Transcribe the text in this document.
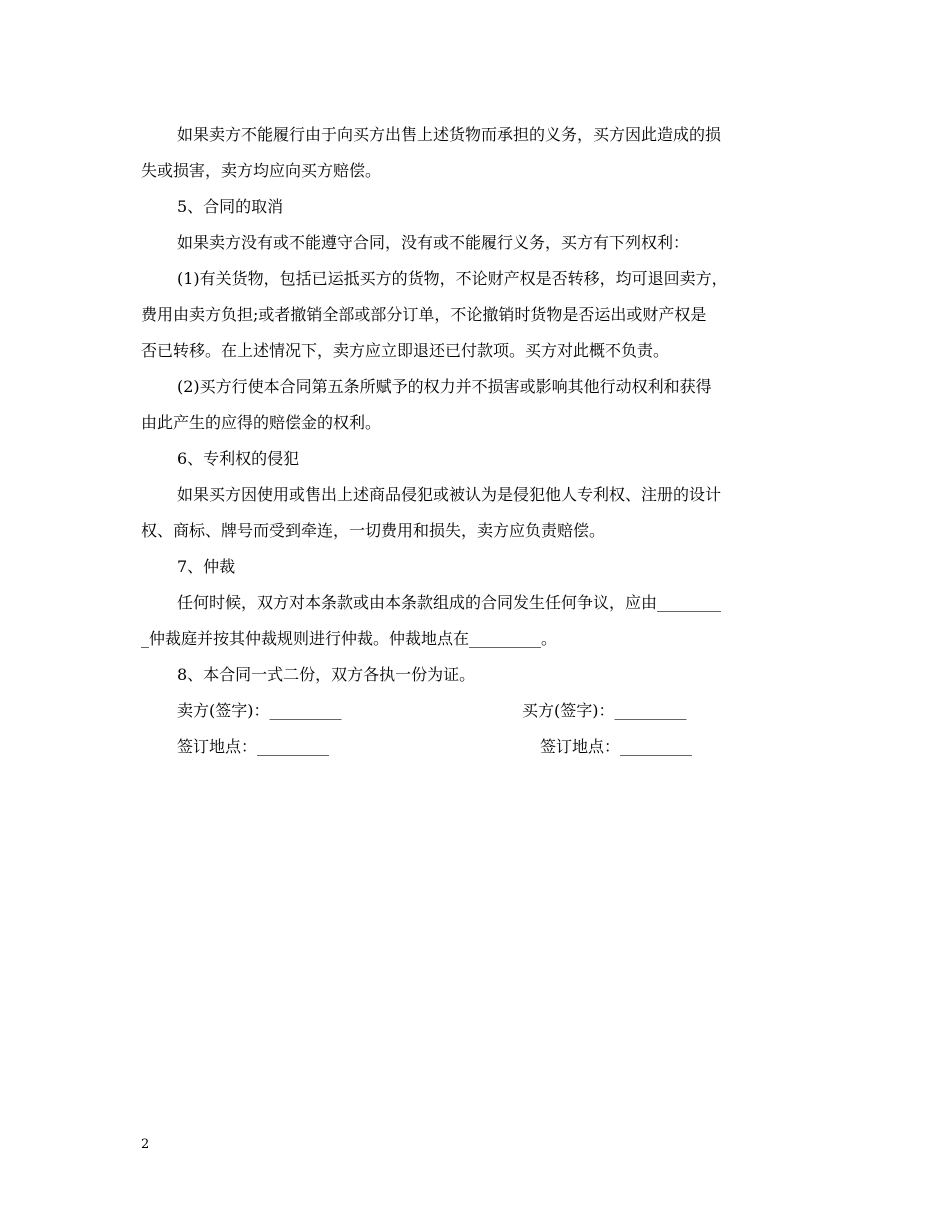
如果卖方不能履行由于向买方出售上述货物而承担的义务，买方因此造成的损
失或损害，卖方均应向买方赔偿。
5、合同的取消
如果卖方没有或不能遵守合同，没有或不能履行义务，买方有下列权利：
(1)有关货物，包括已运抵买方的货物，不论财产权是否转移，均可退回卖方，
费用由卖方负担;或者撤销全部或部分订单，不论撤销时货物是否运出或财产权是
否已转移。在上述情况下，卖方应立即退还已付款项。买方对此概不负责。
(2)买方行使本合同第五条所赋予的权力并不损害或影响其他行动权利和获得
由此产生的应得的赔偿金的权利。
6、专利权的侵犯
如果买方因使用或售出上述商品侵犯或被认为是侵犯他人专利权、注册的设计
权、商标、牌号而受到牵连，一切费用和损失，卖方应负责赔偿。
7、仲裁
任何时候，双方对本条款或由本条款组成的合同发生任何争议，应由________
_仲裁庭并按其仲裁规则进行仲裁。仲裁地点在_________。
8、本合同一式二份，双方各执一份为证。
卖方(签字)：_________	买方(签字)：_________
签订地点：_________	签订地点：_________
2
